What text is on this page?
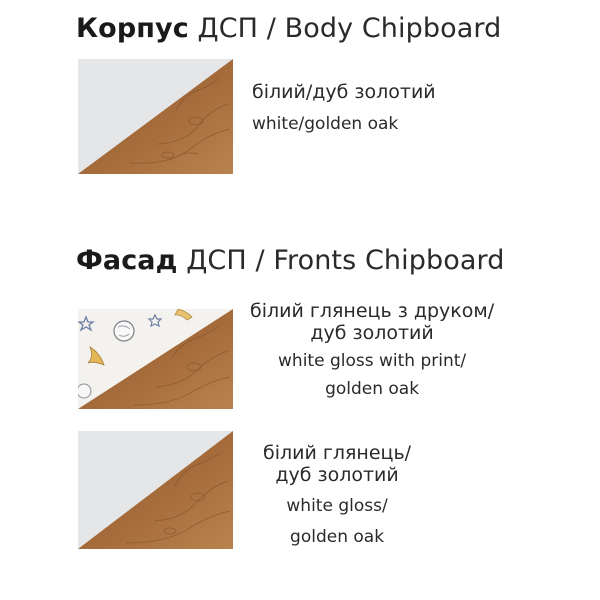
Корпус ДСП / Body Chipboard
білий/дуб золотий
white/golden oak
Фасад ДСП / Fronts Chipboard
білий глянець з друком/
дуб золотий
white gloss with print/
golden oak
білий глянець/
дуб золотий
white gloss/
golden oak
